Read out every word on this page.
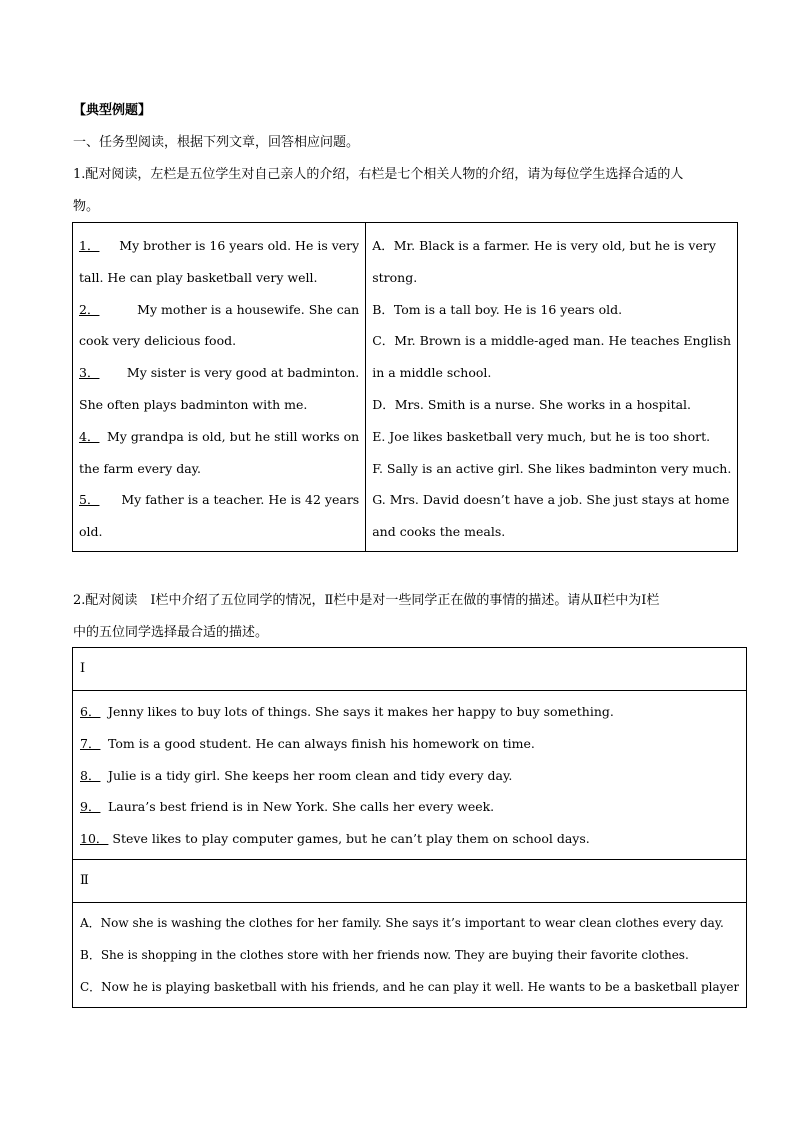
【典型例题】
一、任务型阅读，根据下列文章，回答相应问题。
1.配对阅读，左栏是五位学生对自己亲人的介绍，右栏是七个相关人物的介绍，请为每位学生选择合适的人
物。
1．	My brother is 16 years old. He is very
tall. He can play basketball very well.
2．	My mother is a housewife. She can
cook very delicious food.
3．	My sister is very good at badminton.
She often plays badminton with me.
4． My grandpa is old, but he still works on
the farm every day.
5．	My father is a teacher. He is 42 years
old.

A．Mr. Black is a farmer. He is very old, but he is very
strong.
B．Tom is a tall boy. He is 16 years old.
C．Mr. Brown is a middle-aged man. He teaches English
in a middle school.
D．Mrs. Smith is a nurse. She works in a hospital.
E. Joe likes basketball very much, but he is too short.
F. Sally is an active girl. She likes badminton very much.
G. Mrs. David doesn’t have a job. She just stays at home
and cooks the meals.
2.配对阅读　Ⅰ栏中介绍了五位同学的情况，Ⅱ栏中是对一些同学正在做的事情的描述。请从Ⅱ栏中为Ⅰ栏
中的五位同学选择最合适的描述。
Ⅰ

6． Jenny likes to buy lots of things. She says it makes her happy to buy something.
7． Tom is a good student. He can always finish his homework on time.
8． Julie is a tidy girl. She keeps her room clean and tidy every day.
9． Laura’s best friend is in New York. She calls her every week.
10． Steve likes to play computer games, but he can’t play them on school days.

Ⅱ

A．Now she is washing the clothes for her family. She says it’s important to wear clean clothes every day.
B．She is shopping in the clothes store with her friends now. They are buying their favorite clothes.
C．Now he is playing basketball with his friends, and he can play it well. He wants to be a basketball player
